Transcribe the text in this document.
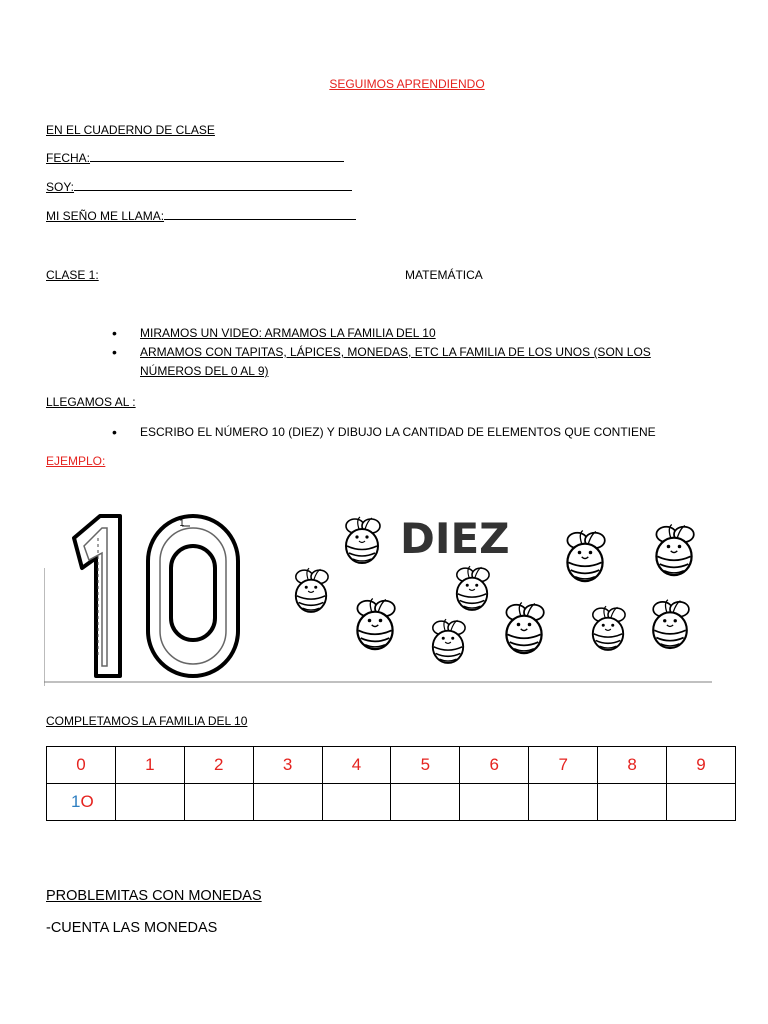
SEGUIMOS APRENDIENDO
EN EL CUADERNO DE CLASE
FECHA:
SOY:
MI SEÑO ME LLAMA:
CLASE 1:	MATEMÁTICA
• MIRAMOS UN VIDEO: ARMAMOS LA FAMILIA DEL 10
• ARMAMOS CON TAPITAS, LÁPICES, MONEDAS, ETC LA FAMILIA DE LOS UNOS (SON LOS NÚMEROS DEL 0 AL 9)
LLEGAMOS AL :
• ESCRIBO EL NÚMERO 10 (DIEZ) Y DIBUJO LA CANTIDAD DE ELEMENTOS QUE CONTIENE
EJEMPLO:
1	DIEZ
COMPLETAMOS LA FAMILIA DEL 10
0	1	2	3	4	5	6	7	8	9
1O									
PROBLEMITAS CON MONEDAS
-CUENTA LAS MONEDAS
